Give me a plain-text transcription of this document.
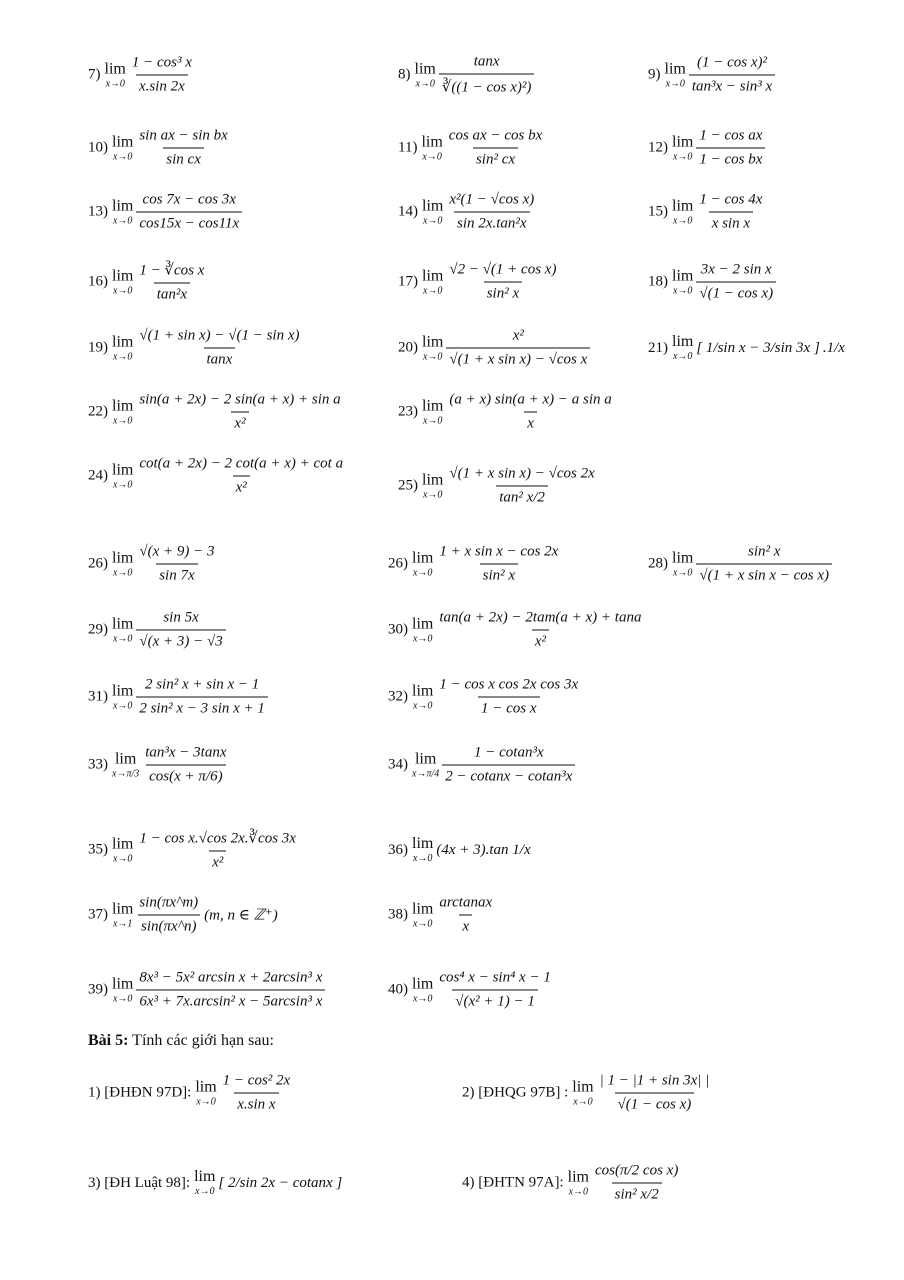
7) lim
$x\to 0 \frac{\text{1 − cos³ x}}{x.\sin 2x}$	8) lim
$x\to 0 \frac{\tan x}{\text{∛((1 − cos x)²)}}$	9) lim
$x\to 0 \frac{\text{(1 − cos x)²}}{\text{tan³x − sin³ x}}$
10) lim
$x\to 0 \frac{\text{sin ax − sin bx}}{\text{sin cx}}$	11) lim
$x\to 0 \frac{\text{cos ax − cos bx}}{\text{sin² cx}}$	12) lim
$x\to 0 \frac{\text{1 − cos ax}}{\text{1 − cos bx}}$
13) lim
$x\to 0 \frac{\cos 7x - \cos 3x}{\cos 15x - \cos 11x}$	14) lim
$x\to 0 \frac{\text{x²(1 − √cos x)}}{\text{sin 2x.tan²x}}$	15) lim
$x\to 0 \frac{1 - \cos 4x}{\text{x sin x}}$
16) lim
$x\to 0 \frac{\text{1 − ∛cos x}}{\text{tan²x}}$	17) lim
$x\to 0 \frac{\text{√2 − √(1 + cos x)}}{\text{sin² x}}$	18) lim
$x\to 0 \frac{\text{3x − 2 sin x}}{\text{√(1 − cos x)}}$
19) lim
$x\to 0 \frac{\text{√(1 + sin x) − √(1 − sin x)}}{\tan x}$	20) lim
$x\to 0 \frac{\text{x²}}{\text{√(1 + x sin x) − √cos x}}$	21) lim
x→0
[ 1/sin x − 3/sin 3x ] .1/x
22) lim
$x\to 0 \frac{\text{sin(a + 2x) − 2 sin(a + x) + sin a}}{\text{x²}}$	23) lim
$x\to 0 \frac{\text{(a + x) sin(a + x) − a sin a}}{x}$
24) lim
$x\to 0 \frac{\text{cot(a + 2x) − 2 cot(a + x) + cot a}}{\text{x²}}$	25) lim
$x\to 0 \frac{\text{√(1 + x sin x) − √cos 2x}}{\text{tan² x/2}}$
26) lim
$x\to 0 \frac{√(x + 9) - 3}{\sin 7x}$	26) lim
$x\to 0 \frac{\text{1 + x sin x − cos 2x}}{\text{sin² x}}$	28) lim
$x\to 0 \frac{\text{sin² x}}{\text{√(1 + x sin x − cos x)}}$
29) lim
$x\to 0 \frac{\sin 5x}{√(x + 3) - √3}$	30) lim
$x\to 0 \frac{\text{tan(a + 2x) − 2tam(a + x) + tana}}{\text{x²}}$
31) lim
$x\to 0 \frac{\text{2 sin² x + sin x − 1}}{\text{2 sin² x − 3 sin x + 1}}$	32) lim
$x\to 0 \frac{\text{1 − cos x cos 2x cos 3x}}{\text{1 − cos x}}$
33) lim
$x\to\pi/3 \frac{\text{tan³x − 3tanx}}{\cos(x + \pi/6)}$	34) lim
$x\to\pi/4 \frac{\text{1 − cotan³x}}{\text{2 − cotanx − cotan³x}}$
35) lim
$x\to 0 \frac{\text{1 − cos x.√cos 2x.∛cos 3x}}{\text{x²}}$	36) lim
x→0
(4x + 3).tan 1/x
37) lim
$x\to 1 \frac{\sin(\pi x\^{}m)}{\sin(\pi x\^{}n)} (m$, n ∈ ℤ⁺)	38) lim
$x\to 0 \frac{\text{arctanax}}{x}$
39) lim
$x\to 0 \frac{\text{8x³ − 5x² arcsin x + 2arcsin³ x}}{\text{6x³ + 7x.arcsin² x − 5arcsin³ x}}$	40) lim
$x\to 0 \frac{\text{cos⁴ x − sin⁴ x − 1}}{\text{√(x² + 1) − 1}}$
Bài 5: Tính các giới hạn sau:
1) [ĐHĐN 97D]: lim
$x\to 0 \frac{\text{1 − cos² 2x}}{\text{x.sin x}}$	2) [ĐHQG 97B] : lim
$x\to 0 \frac{| 1 - |1 + \sin 3x| |}{\text{√(1 − cos x)}}$
3) [ĐH Luật 98]: lim
x→0
[ 2/sin 2x − cotanx ]	4) [ĐHTN 97A]: lim
$x\to 0 \frac{\text{cos(π/2 cos x)}}{\text{sin² x/2}}$
